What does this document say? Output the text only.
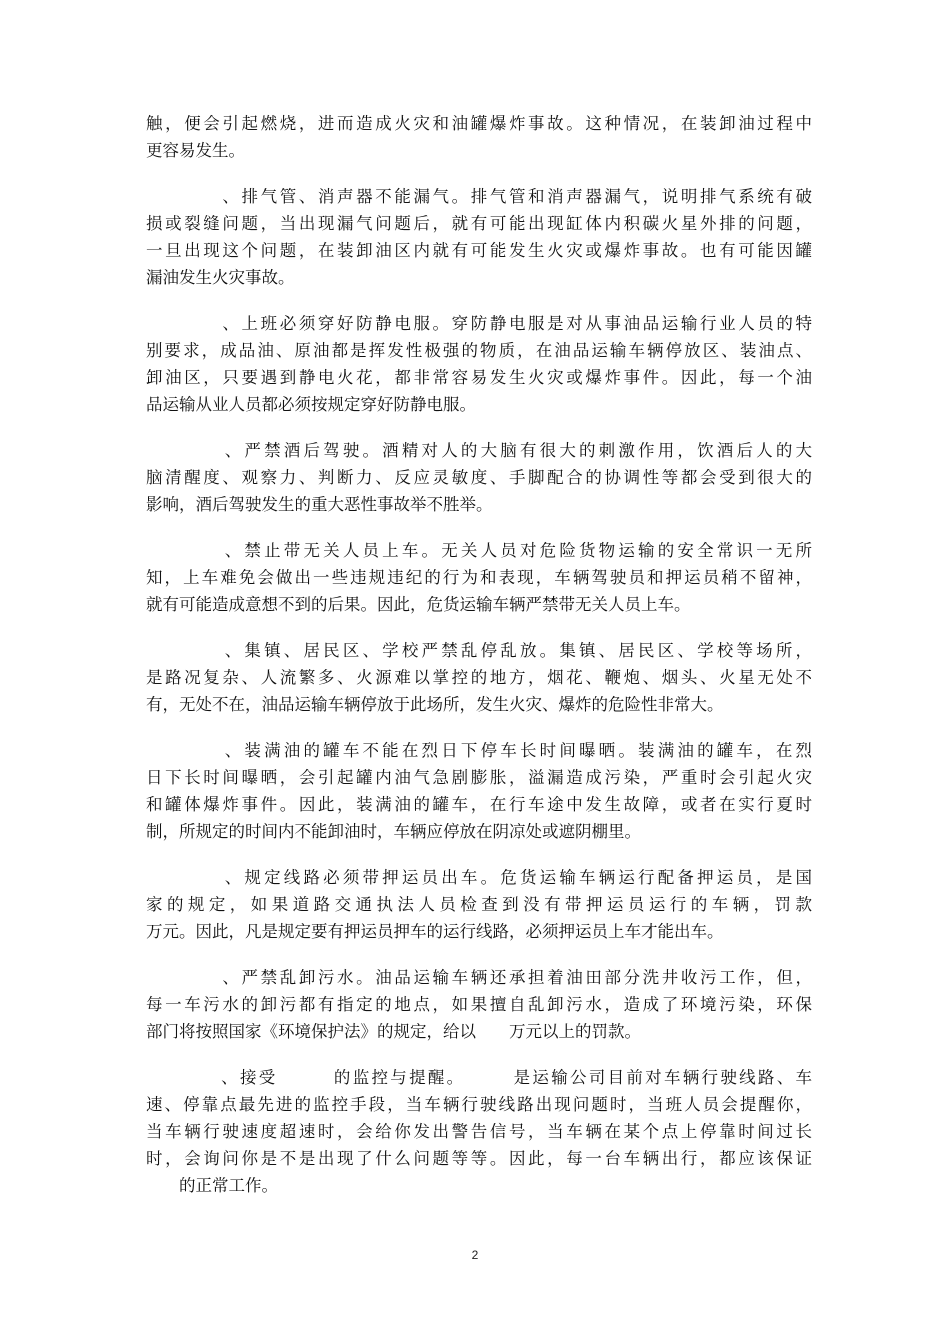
触，便会引起燃烧，进而造成火灾和油罐爆炸事故。这种情况，在装卸油过程中
更容易发生。
　　　　、排气管、消声器不能漏气。排气管和消声器漏气，说明排气系统有破
损或裂缝问题，当出现漏气问题后，就有可能出现缸体内积碳火星外排的问题，
一旦出现这个问题，在装卸油区内就有可能发生火灾或爆炸事故。也有可能因罐
漏油发生火灾事故。
　　　　、上班必须穿好防静电服。穿防静电服是对从事油品运输行业人员的特
别要求，成品油、原油都是挥发性极强的物质，在油品运输车辆停放区、装油点、
卸油区，只要遇到静电火花，都非常容易发生火灾或爆炸事件。因此，每一个油
品运输从业人员都必须按规定穿好防静电服。
　　　　、严禁酒后驾驶。酒精对人的大脑有很大的刺激作用，饮酒后人的大
脑清醒度、观察力、判断力、反应灵敏度、手脚配合的协调性等都会受到很大的
影响，酒后驾驶发生的重大恶性事故举不胜举。
　　　　、禁止带无关人员上车。无关人员对危险货物运输的安全常识一无所
知，上车难免会做出一些违规违纪的行为和表现，车辆驾驶员和押运员稍不留神，
就有可能造成意想不到的后果。因此，危货运输车辆严禁带无关人员上车。
　　　　、集镇、居民区、学校严禁乱停乱放。集镇、居民区、学校等场所，
是路况复杂、人流繁多、火源难以掌控的地方，烟花、鞭炮、烟头、火星无处不
有，无处不在，油品运输车辆停放于此场所，发生火灾、爆炸的危险性非常大。
　　　　、装满油的罐车不能在烈日下停车长时间曝晒。装满油的罐车，在烈
日下长时间曝晒，会引起罐内油气急剧膨胀，溢漏造成污染，严重时会引起火灾
和罐体爆炸事件。因此，装满油的罐车，在行车途中发生故障，或者在实行夏时
制，所规定的时间内不能卸油时，车辆应停放在阴凉处或遮阴棚里。
　　　　、规定线路必须带押运员出车。危货运输车辆运行配备押运员，是国
家的规定，如果道路交通执法人员检查到没有带押运员运行的车辆，罚款
万元。因此，凡是规定要有押运员押车的运行线路，必须押运员上车才能出车。
　　　　、严禁乱卸污水。油品运输车辆还承担着油田部分洗井收污工作，但，
每一车污水的卸污都有指定的地点，如果擅自乱卸污水，造成了环境污染，环保
部门将按照国家《环境保护法》的规定，给以　　万元以上的罚款。
　　　　、接受　　　的监控与提醒。　　　是运输公司目前对车辆行驶线路、车
速、停靠点最先进的监控手段，当车辆行驶线路出现问题时，当班人员会提醒你，
当车辆行驶速度超速时，会给你发出警告信号，当车辆在某个点上停靠时间过长
时，会询问你是不是出现了什么问题等等。因此，每一台车辆出行，都应该保证
　　的正常工作。
2
